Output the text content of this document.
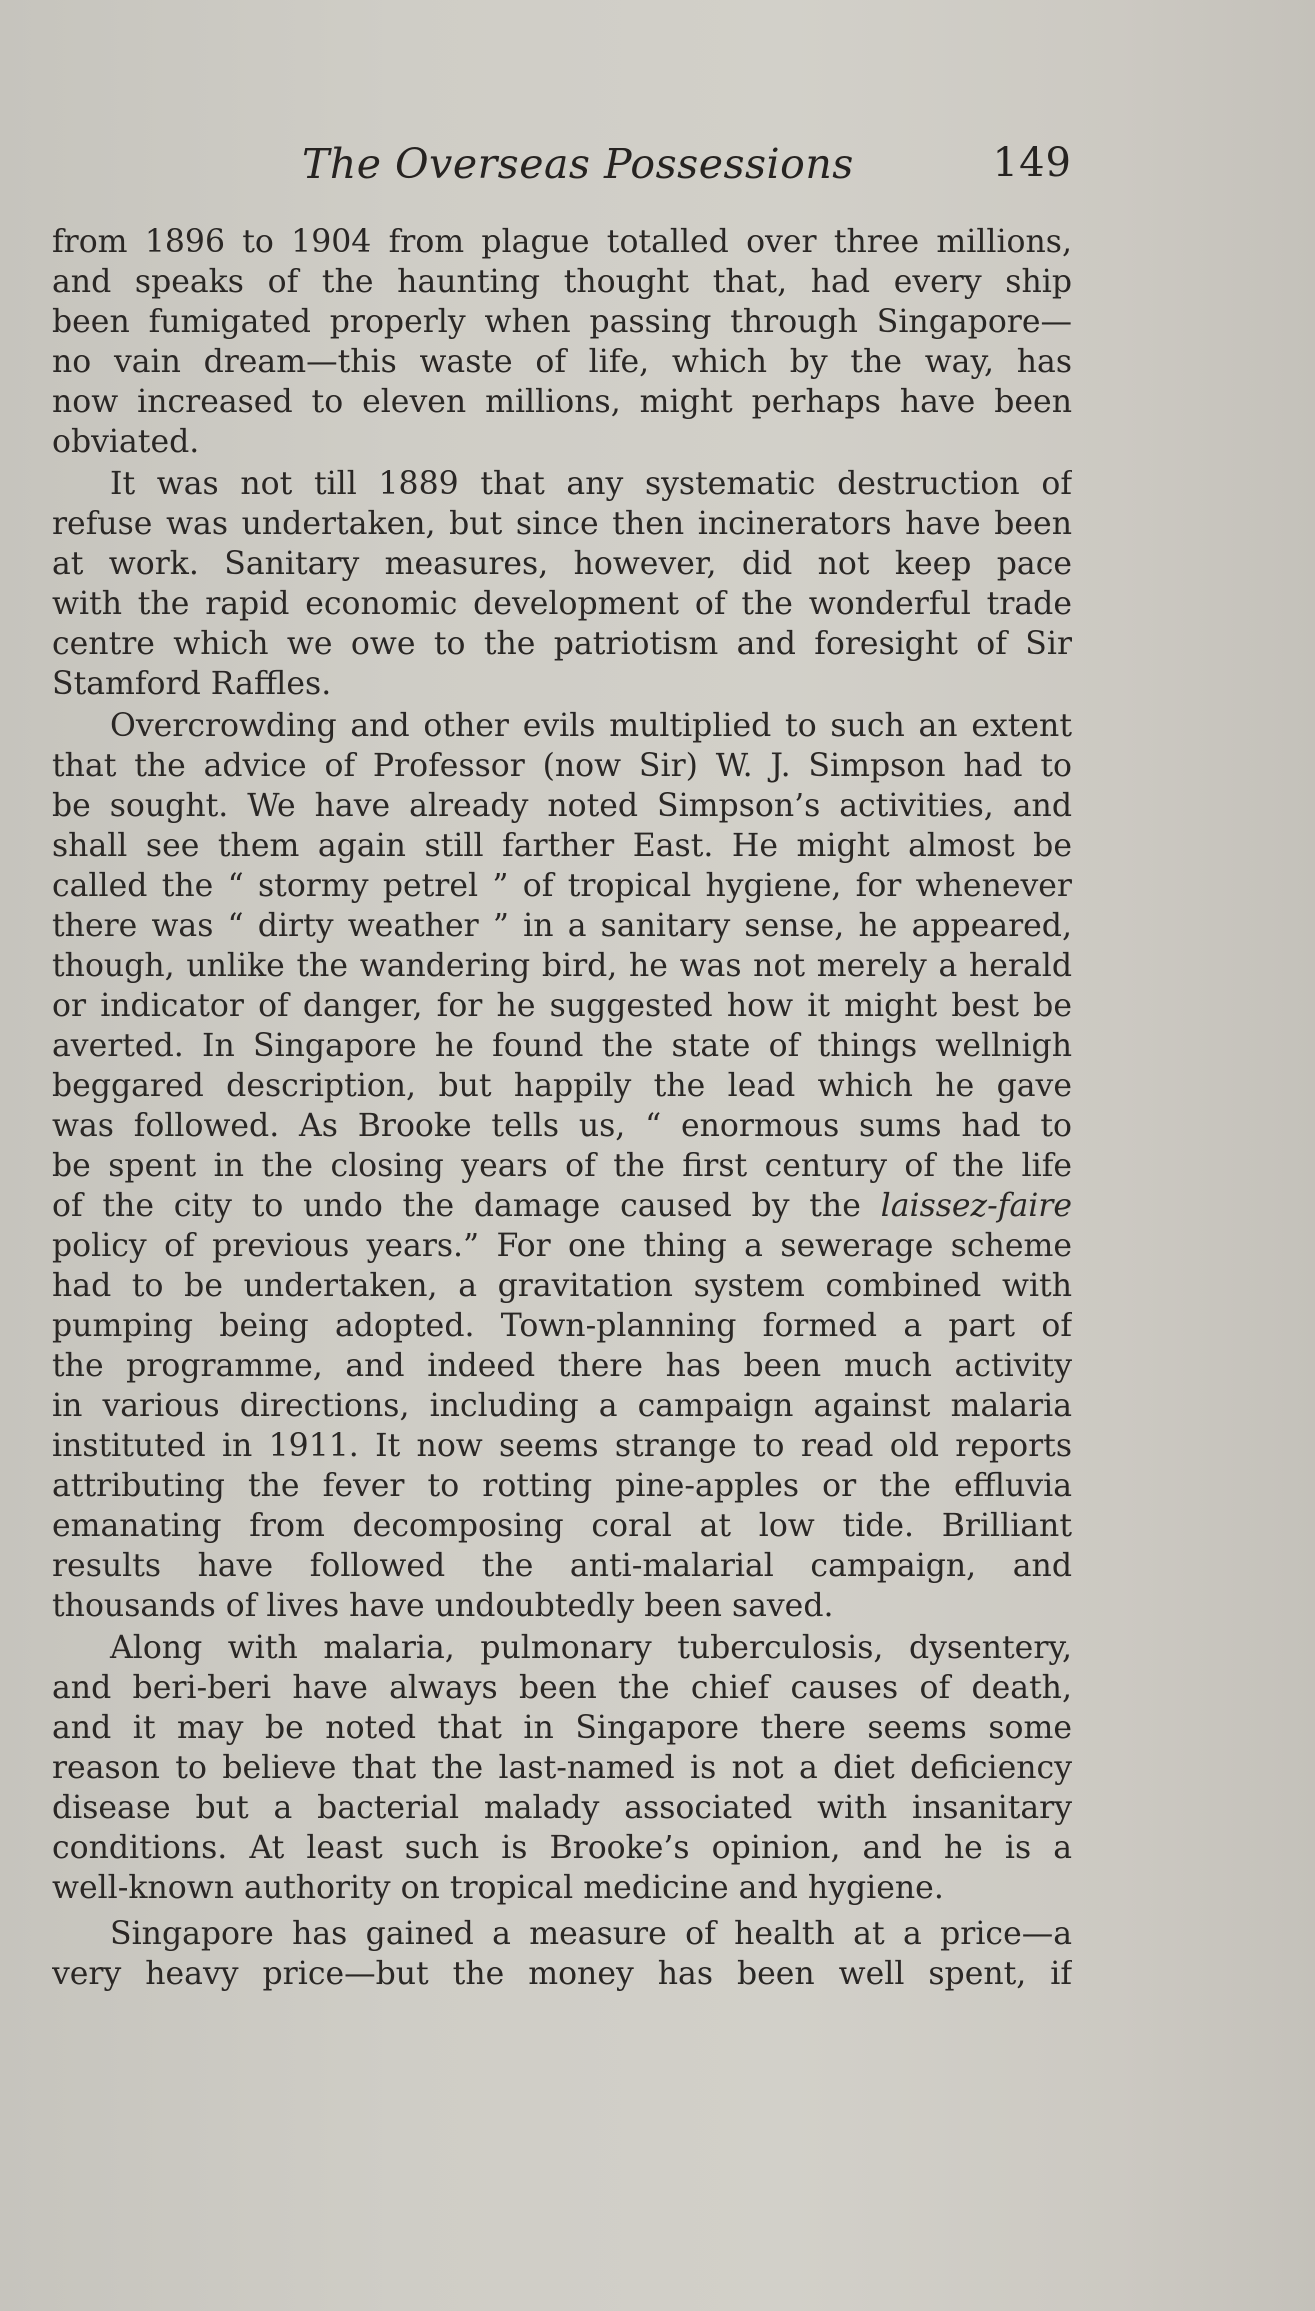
The Overseas Possessions	149

from 1896 to 1904 from plague totalled over three millions,
and speaks of the haunting thought that, had every ship
been fumigated properly when passing through Singapore—
no vain dream—this waste of life, which by the way, has
now increased to eleven millions, might perhaps have been
obviated.

It was not till 1889 that any systematic destruction of
refuse was undertaken, but since then incinerators have been
at work. Sanitary measures, however, did not keep pace
with the rapid economic development of the wonderful trade
centre which we owe to the patriotism and foresight of Sir
Stamford Raffles.

Overcrowding and other evils multiplied to such an extent
that the advice of Professor (now Sir) W. J. Simpson had to
be sought. We have already noted Simpson’s activities, and
shall see them again still farther East. He might almost be
called the “ stormy petrel ” of tropical hygiene, for whenever
there was “ dirty weather ” in a sanitary sense, he appeared,
though, unlike the wandering bird, he was not merely a herald
or indicator of danger, for he suggested how it might best be
averted. In Singapore he found the state of things wellnigh
beggared description, but happily the lead which he gave
was followed. As Brooke tells us, “ enormous sums had to
be spent in the closing years of the first century of the life
of the city to undo the damage caused by the laissez-faire
policy of previous years.” For one thing a sewerage scheme
had to be undertaken, a gravitation system combined with
pumping being adopted. Town-planning formed a part of
the programme, and indeed there has been much activity
in various directions, including a campaign against malaria
instituted in 1911. It now seems strange to read old reports
attributing the fever to rotting pine-apples or the effluvia
emanating from decomposing coral at low tide. Brilliant
results have followed the anti-malarial campaign, and
thousands of lives have undoubtedly been saved.

Along with malaria, pulmonary tuberculosis, dysentery,
and beri-beri have always been the chief causes of death,
and it may be noted that in Singapore there seems some
reason to believe that the last-named is not a diet deficiency
disease but a bacterial malady associated with insanitary
conditions. At least such is Brooke’s opinion, and he is a
well-known authority on tropical medicine and hygiene.

Singapore has gained a measure of health at a price—a
very heavy price—but the money has been well spent, if
